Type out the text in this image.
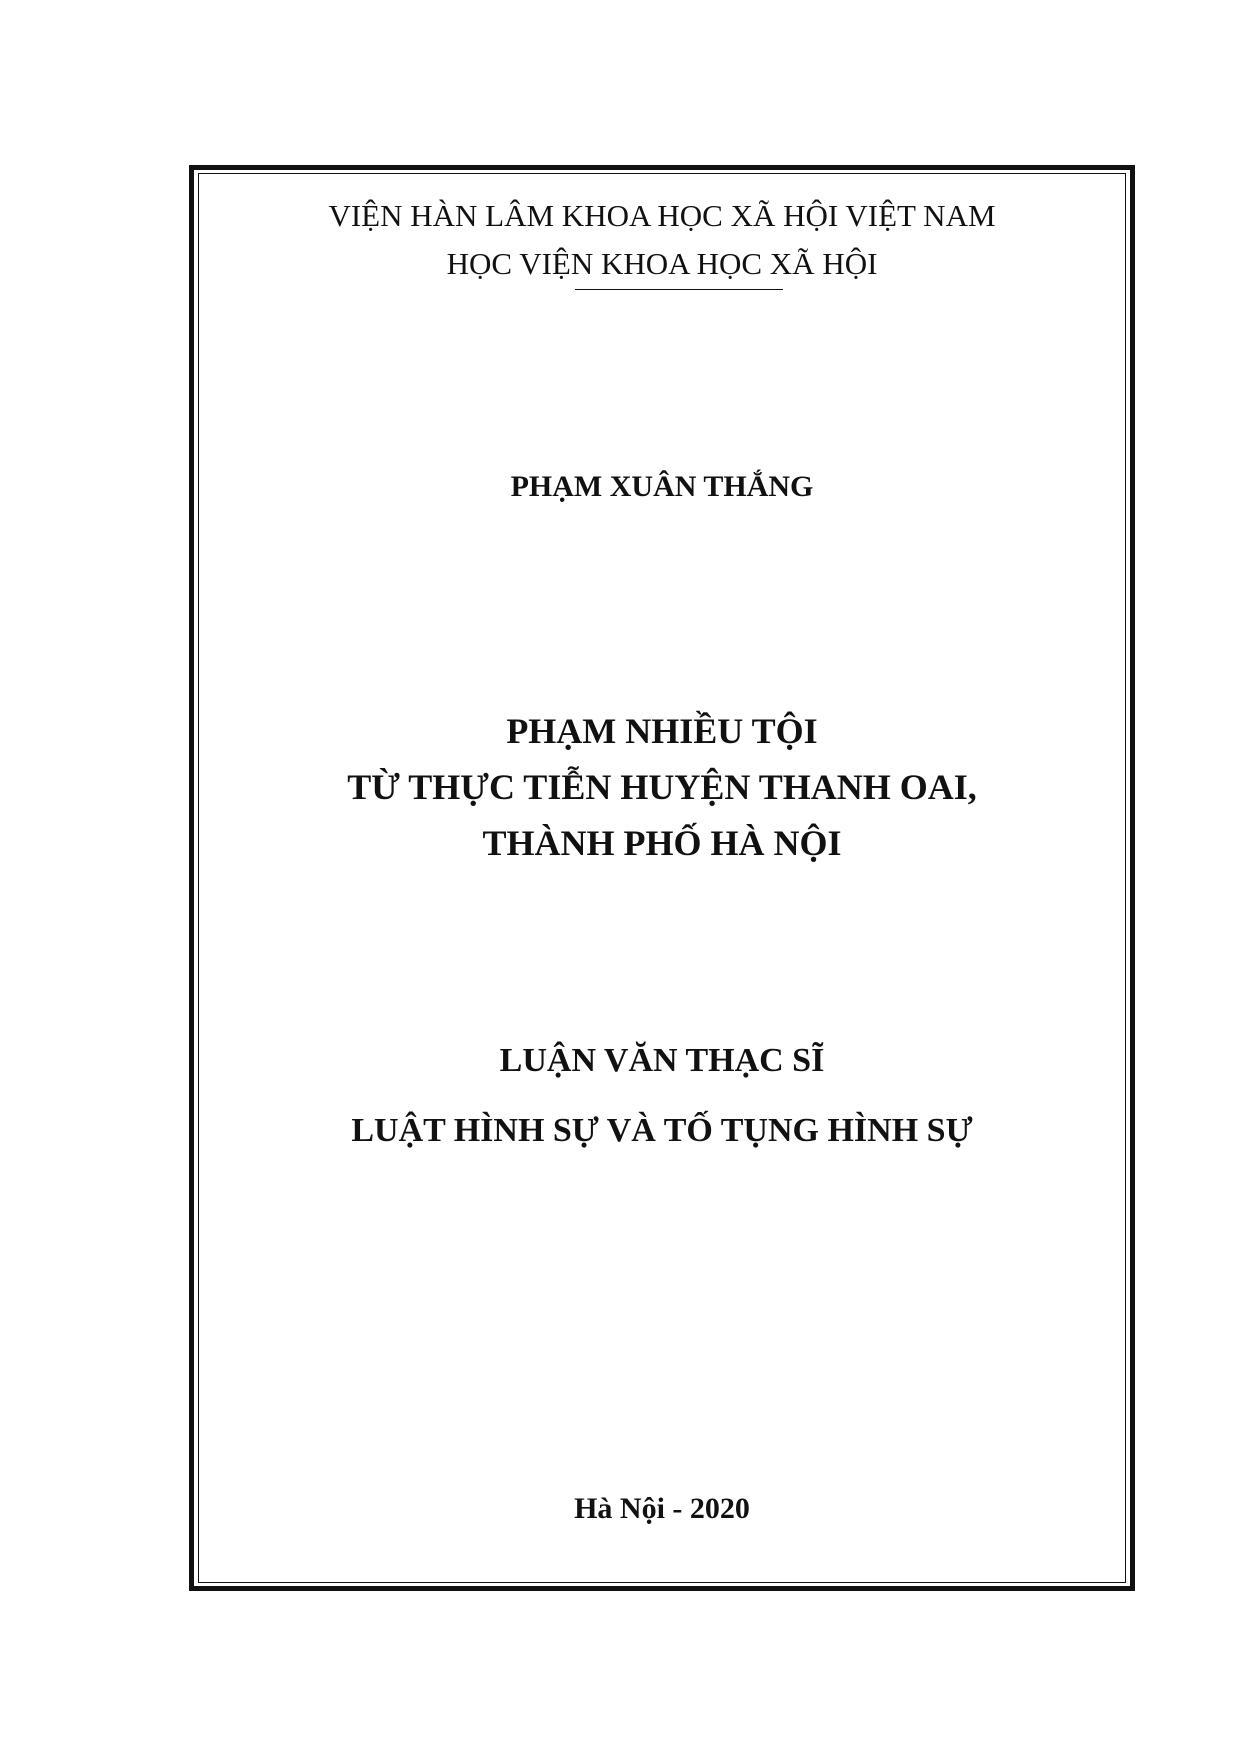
VIỆN HÀN LÂM KHOA HỌC XÃ HỘI VIỆT NAM
HỌC VIỆN KHOA HỌC XÃ HỘI
PHẠM XUÂN THẮNG
PHẠM NHIỀU TỘI
TỪ THỰC TIỄN HUYỆN THANH OAI,
THÀNH PHỐ HÀ NỘI
LUẬN VĂN THẠC SĨ
LUẬT HÌNH SỰ VÀ TỐ TỤNG HÌNH SỰ
Hà Nội - 2020
